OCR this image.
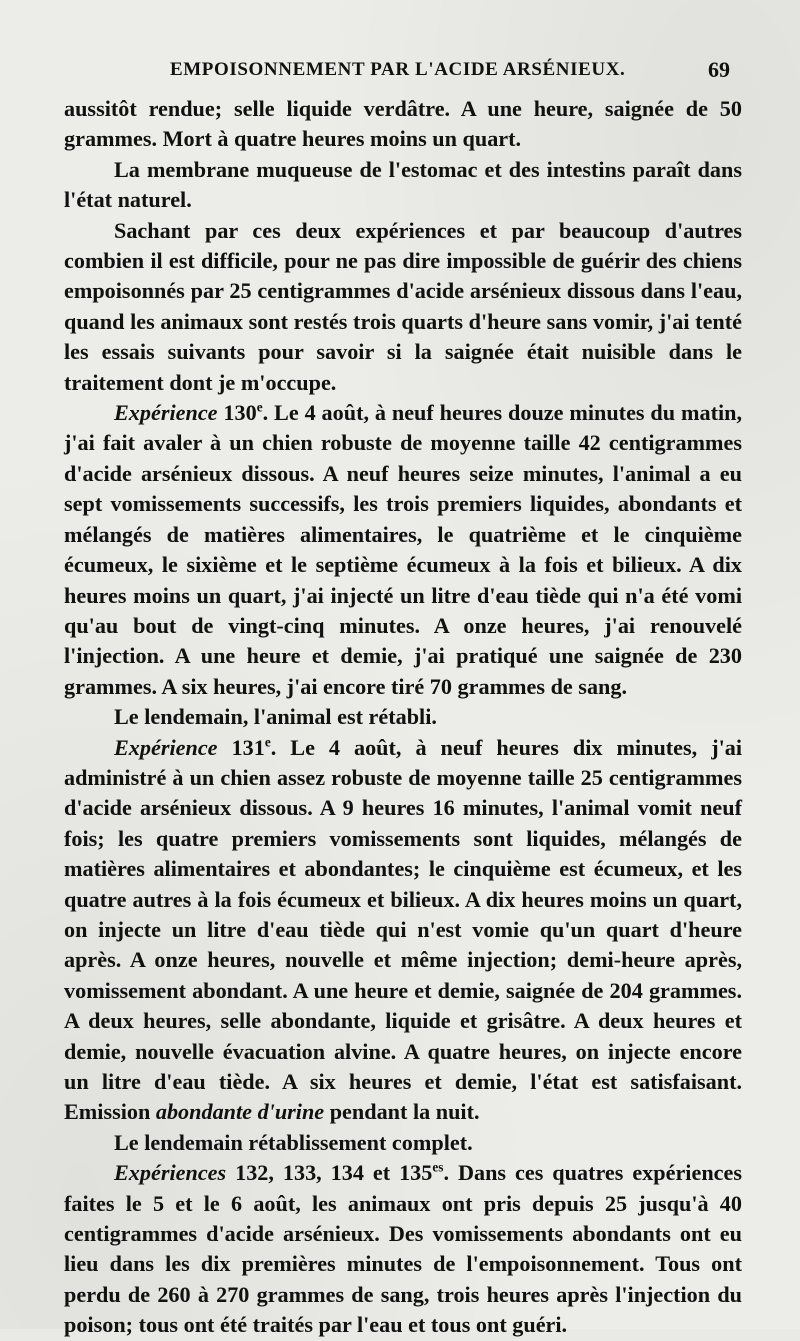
EMPOISONNEMENT PAR L'ACIDE ARSÉNIEUX.	69

aussitôt rendue; selle liquide verdâtre. A une heure, saignée de 50 grammes. Mort à quatre heures moins un quart.

La membrane muqueuse de l'estomac et des intestins paraît dans l'état naturel.

Sachant par ces deux expériences et par beaucoup d'autres combien il est difficile, pour ne pas dire impossible de guérir des chiens empoisonnés par 25 centigrammes d'acide arsénieux dissous dans l'eau, quand les animaux sont restés trois quarts d'heure sans vomir, j'ai tenté les essais suivants pour savoir si la saignée était nuisible dans le traitement dont je m'occupe.

Expérience 130e. Le 4 août, à neuf heures douze minutes du matin, j'ai fait avaler à un chien robuste de moyenne taille 42 centigrammes d'acide arsénieux dissous. A neuf heures seize minutes, l'animal a eu sept vomissements successifs, les trois premiers liquides, abondants et mélangés de matières alimentaires, le quatrième et le cinquième écumeux, le sixième et le septième écumeux à la fois et bilieux. A dix heures moins un quart, j'ai injecté un litre d'eau tiède qui n'a été vomi qu'au bout de vingt-cinq minutes. A onze heures, j'ai renouvelé l'injection. A une heure et demie, j'ai pratiqué une saignée de 230 grammes. A six heures, j'ai encore tiré 70 grammes de sang.

Le lendemain, l'animal est rétabli.

Expérience 131e. Le 4 août, à neuf heures dix minutes, j'ai administré à un chien assez robuste de moyenne taille 25 centigrammes d'acide arsénieux dissous. A 9 heures 16 minutes, l'animal vomit neuf fois; les quatre premiers vomissements sont liquides, mélangés de matières alimentaires et abondantes; le cinquième est écumeux, et les quatre autres à la fois écumeux et bilieux. A dix heures moins un quart, on injecte un litre d'eau tiède qui n'est vomie qu'un quart d'heure après. A onze heures, nouvelle et même injection; demi-heure après, vomissement abondant. A une heure et demie, saignée de 204 grammes. A deux heures, selle abondante, liquide et grisâtre. A deux heures et demie, nouvelle évacuation alvine. A quatre heures, on injecte encore un litre d'eau tiède. A six heures et demie, l'état est satisfaisant. Emission abondante d'urine pendant la nuit.

Le lendemain rétablissement complet.

Expériences 132, 133, 134 et $135^{es}$. Dans ces quatres expériences faites le 5 et le 6 août, les animaux ont pris depuis 25 jusqu'à 40 centigrammes d'acide arsénieux. Des vomissements abondants ont eu lieu dans les dix premières minutes de l'empoisonnement. Tous ont perdu de 260 à 270 grammes de sang, trois heures après l'injection du poison; tous ont été traités par l'eau et tous ont guéri.
